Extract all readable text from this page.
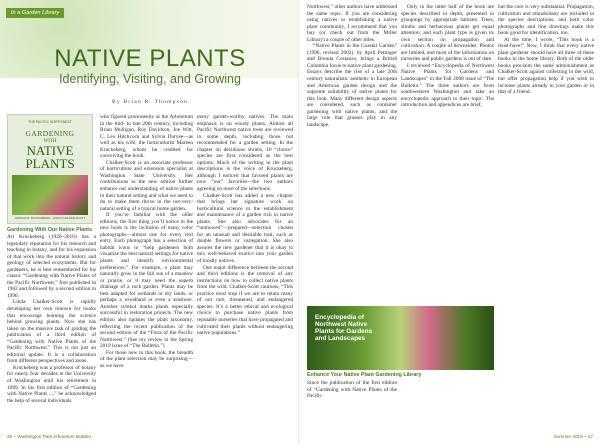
In a Garden Library
NATIVE PLANTS
Identifying, Visiting, and Growing
By Brian R. Thompson
THE PACIFIC NORTHWEST
GARDENING
WITH
NATIVE PLANTS
ARTHUR R. KRUCKEBERG · LINDA CHALKER-SCOTT
Gardening With Our Native Plants

Art Kruckeberg (1920–2016) has a legendary reputation for his research and teaching in botany, and for his expansion of that work into the natural history and geology of selected ecosystems. But for gardeners, he is best remembered for his classic “Gardening with Native Plants of the Pacific Northwest,” first published in 1982 and followed by a second edition in 1996.

Linda Chalker-Scott is rapidly developing her own renown for books that encourage learning the science behind growing plants. Now she has taken on the massive task of guiding the publication of a third edition of “Gardening with Native Plants of the Pacific Northwest.” This is not just an editorial update. It is a collaboration from different perspectives and areas.

Kruckeberg was a professor of botany for nearly four decades at the University of Washington until his retirement in 1989. In his first edition of “Gardening with Native Plants ...,” he acknowledged the help of several individuals

who figured prominently at the Arboretum in the mid- to late 20th century, including Brian Mulligan, Roy Davidson, Joe Witt, C. Leo Hitchcock and Sylvia Duryee—as well as his wife, the horticulturist Mareen Kruckeberg, whom he credited for conceiving the book.

Chalker-Scott is an associate professor of horticulture and extension specialist at Washington State University. Her contributions to the new edition further enhance our understanding of native plants in their natural setting and what we need to do to make them thrive in the not-very-natural setting of a typical home garden.

If you’re familiar with the older editions, the first thing you’ll notice in the new book is the inclusion of many color photographs—almost one for every text entry. Each photograph has a selection of habitat icons to “help gardeners both visualize the best natural settings for native plants and identify environmental preferences.” For example, a plant may naturally grow in the full sun of a meadow or prairie, or it may need the superb drainage of a rock garden. Plants may be best adapted for wetlands or dry lands, or perhaps a woodland or even a seashore. Another symbol marks plants especially successful in restoration projects. The new edition also updates the plant taxonomy, reflecting the recent publication of the second edition of the “Flora of the Pacific Northwest.” (See my review in the Spring 2019 issue of “The Bulletin.”)

For those new to this book, the breadth of the plant selection may be surprising—as we have

many garden-worthy natives. The main emphasis is on woody plants. Almost all Pacific Northwest native trees are reviewed in some depth, including those not recommended for a garden setting. In the chapter on deciduous shrubs, 10 “choice” species are first considered as the best options. Much of the writing in the plant descriptions is the voice of Kruckeberg, although I noticed that favored plants are now “our” favorites—the two authors agreeing on most of the selections.

Chalker-Scott has added a new chapter that brings her signature work on horticultural science to the establishment and maintenance of a garden rich in native plants. She also advocates for an “unmowed”—prepared—selection chosen for an unusual and desirable trait, such as double flowers or variegation. She also assures the new gardener that it is okay to mix well-behaved exotics into your garden of mostly natives.

One major difference between the second and third editions is the removal of any instructions on how to collect native plants from the wild. Chalker-Scott cautions, “This practice must stop if we are to retain many of our rare, threatened, and endangered species. It’s a better ethical and ecological choice to purchase native plants from reputable nurseries that have propagated and cultivated their plants without endangering native populations.”

26 ~ Washington Park Arboretum Bulletin

Northwest,” other authors have addressed the same topic. If you are considering using natives or establishing a native plant community, I recommend that you buy (or check out from the Miller Library) a couple of other titles.

“Native Plants in the Coastal Garden” (1996, revised 2002), by April Pettinger and Brenda Costanzo, brings a British Columbia focus to native plant gardening. Essays describe the rise of a late 20th century naturalistic aesthetic in European and American garden design and the supreme suitability of native plants for this look. Many different design aspects are considered, such as container gardening with native plants, and the large role that grasses play in any landscape.

Only in the latter half of the book are species described in depth, presented in groupings by appropriate habitats. Trees, shrubs and herbaceous plants get equal attention, and each plant type is given its own section on propagation and cultivation. A couple of downsides: Photos are limited, and most of the information on nurseries and public gardens is out of date.

I reviewed “Encyclopedia of Northwest Native Plants for Gardens and Landscapes” in the Fall 2008 issue of “The Bulletin.” The three authors are from southwestern Washington and take an encyclopedic approach to their topic. The introduction and appendices are brief,

but the core is very substantial. Propagation, cultivation and ethnobotany are included in the species descriptions, and both color photographs and line drawings make this book good for identification, too.

At the time, I wrote, “This book is a must-have!” Now, I think that every native plant gardener should have all three of these books in the home library. Both of the older books proclaim the same admonishment as Chalker-Scott against collecting in the wild, but offer propagation help if you wish to increase plants already in your garden or in that of a friend.

Encyclopedia of Northwest Native Plants for Gardens and Landscapes
Enhance Your Native Plant Gardening Library

Since the publication of the first edition of “Gardening with Native Plants of the Pacific

Summer 2019 ~ 27
